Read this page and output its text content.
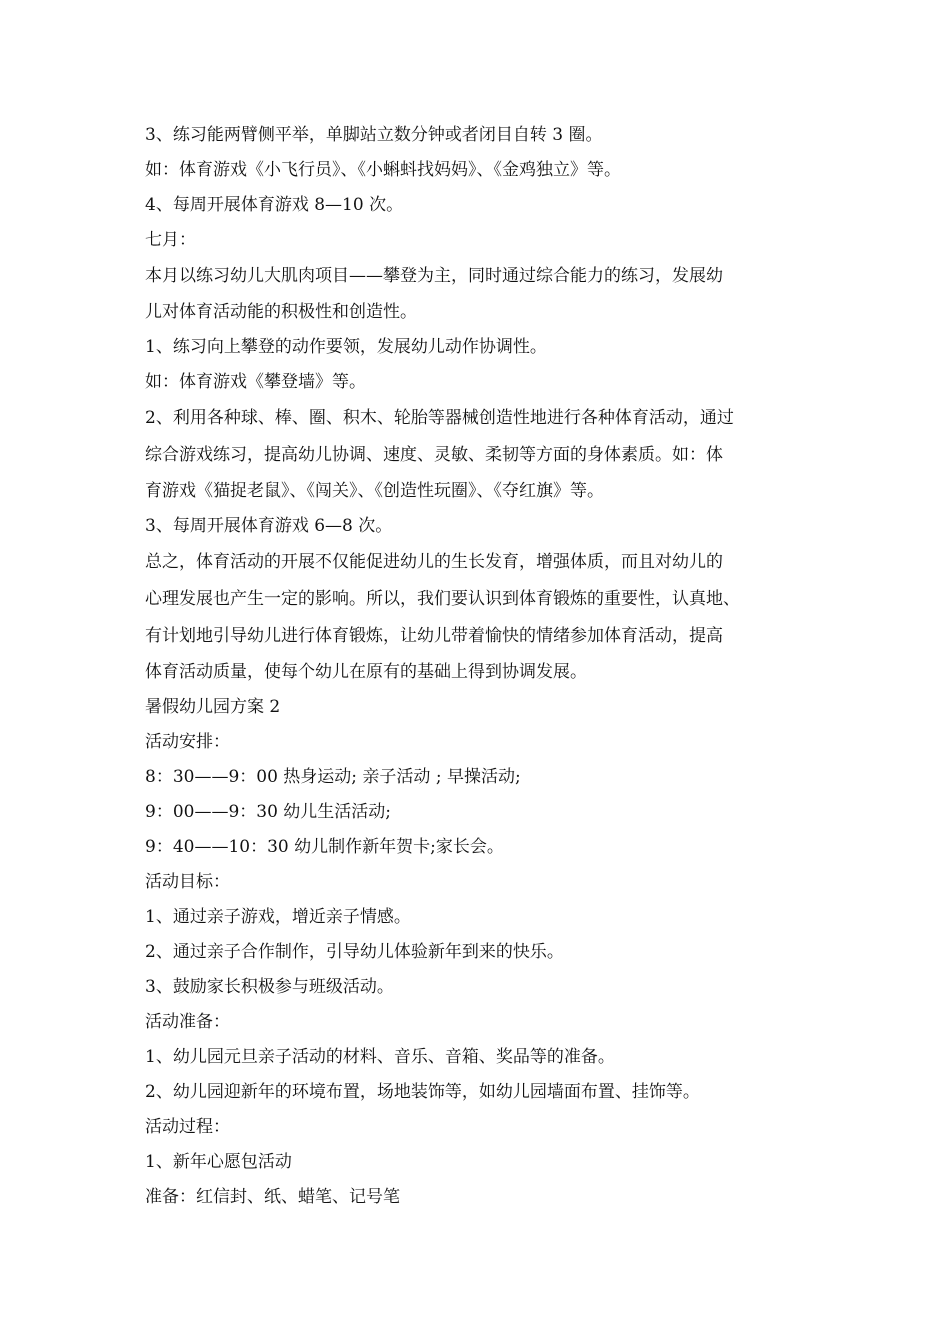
3、练习能两臂侧平举，单脚站立数分钟或者闭目自转 3 圈。
如：体育游戏《小飞行员》、《小蝌蚪找妈妈》、《金鸡独立》等。
4、每周开展体育游戏 8—10 次。
七月：
本月以练习幼儿大肌肉项目——攀登为主，同时通过综合能力的练习，发展幼
儿对体育活动能的积极性和创造性。
1、练习向上攀登的动作要领，发展幼儿动作协调性。
如：体育游戏《攀登墙》等。
2、利用各种球、棒、圈、积木、轮胎等器械创造性地进行各种体育活动，通过
综合游戏练习，提高幼儿协调、速度、灵敏、柔韧等方面的身体素质。如：体
育游戏《猫捉老鼠》、《闯关》、《创造性玩圈》、《夺红旗》等。
3、每周开展体育游戏 6—8 次。
总之，体育活动的开展不仅能促进幼儿的生长发育，增强体质，而且对幼儿的
心理发展也产生一定的影响。所以，我们要认识到体育锻炼的重要性，认真地、
有计划地引导幼儿进行体育锻炼，让幼儿带着愉快的情绪参加体育活动，提高
体育活动质量，使每个幼儿在原有的基础上得到协调发展。
暑假幼儿园方案 2
活动安排：
8：30——9：00 热身运动; 亲子活动 ; 早操活动;
9：00——9：30 幼儿生活活动;
9：40——10：30 幼儿制作新年贺卡;家长会。
活动目标：
1、通过亲子游戏，增近亲子情感。
2、通过亲子合作制作，引导幼儿体验新年到来的快乐。
3、鼓励家长积极参与班级活动。
活动准备：
1、幼儿园元旦亲子活动的材料、音乐、音箱、奖品等的准备。
2、幼儿园迎新年的环境布置，场地装饰等，如幼儿园墙面布置、挂饰等。
活动过程：
1、新年心愿包活动
准备：红信封、纸、蜡笔、记号笔
